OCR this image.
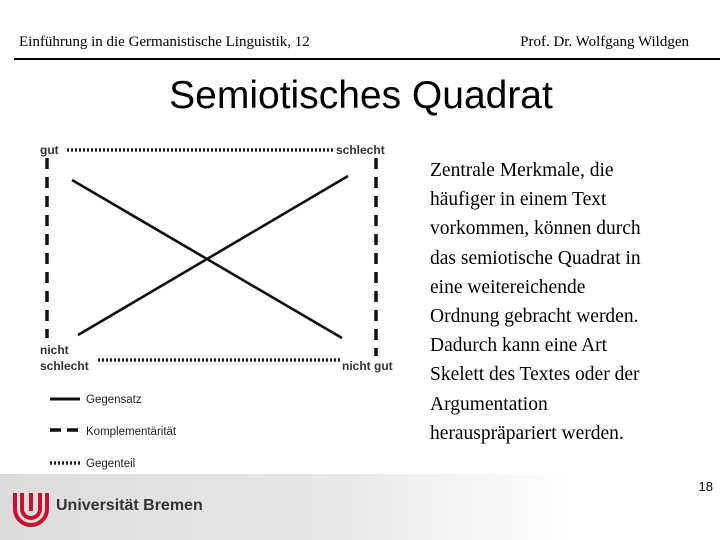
Einführung in die Germanistische Linguistik, 12	Prof. Dr. Wolfgang Wildgen
Semiotisches Quadrat
gut	schlecht
nicht
schlecht	nicht gut
Gegensatz
Komplementärität
Gegenteil
Zentrale Merkmale, die
häufiger in einem Text
vorkommen, können durch
das semiotische Quadrat in
eine weitereichende
Ordnung gebracht werden.
Dadurch kann eine Art
Skelett des Textes oder der
Argumentation
herauspräpariert werden.
18
Universität Bremen
